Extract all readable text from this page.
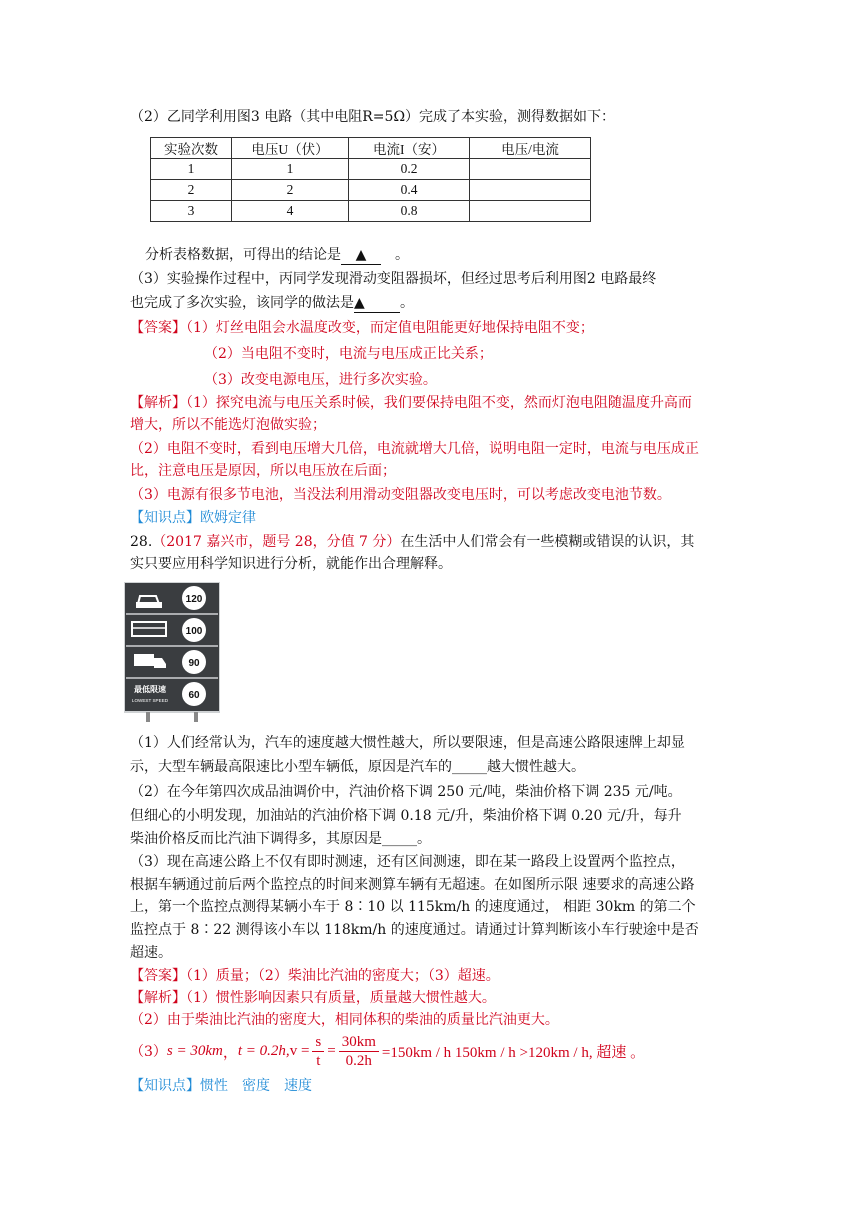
（2）乙同学利用图3 电路（其中电阻R=5Ω）完成了本实验，测得数据如下：
实验次数	电压U（伏）	电流I（安）	电压/电流
1	1	0.2	
2	2	0.4	
3	4	0.8	
分析表格数据，可得出的结论是 ▲　 。
（3）实验操作过程中，丙同学发现滑动变阻器损坏，但经过思考后利用图2 电路最终
也完成了多次实验，该同学的做法是▲	。
【答案】（1）灯丝电阻会水温度改变，而定值电阻能更好地保持电阻不变；
（2）当电阻不变时，电流与电压成正比关系；
（3）改变电源电压，进行多次实验。
【解析】（1）探究电流与电压关系时候，我们要保持电阻不变，然而灯泡电阻随温度升高而
增大，所以不能选灯泡做实验；
（2）电阻不变时，看到电压增大几倍，电流就增大几倍，说明电阻一定时，电流与电压成正
比，注意电压是原因，所以电压放在后面；
（3）电源有很多节电池，当没法利用滑动变阻器改变电压时，可以考虑改变电池节数。
【知识点】欧姆定律
28.（2017 嘉兴市，题号 28，分值 7 分）在生活中人们常会有一些模糊或错误的认识，其
实只要应用科学知识进行分析，就能作出合理解释。
120
100
90
60
最低限速
LOWEST SPEED
（1）人们经常认为，汽车的速度越大惯性越大，所以要限速，但是高速公路限速牌上却显
示，大型车辆最高限速比小型车辆低，原因是汽车的_____越大惯性越大。
（2）在今年第四次成品油调价中，汽油价格下调 250 元/吨，柴油价格下调 235 元/吨。
但细心的小明发现，加油站的汽油价格下调 0.18 元/升，柴油价格下调 0.20 元/升，每升
柴油价格反而比汽油下调得多，其原因是_____。
（3）现在高速公路上不仅有即时测速，还有区间测速，即在某一路段上设置两个监控点，
根据车辆通过前后两个监控点的时间来测算车辆有无超速。在如图所示限 速要求的高速公路
上，第一个监控点测得某辆小车于 8∶10 以 115km/h 的速度通过， 相距 30km 的第二个
监控点于 8∶22 测得该小车以 118km/h 的速度通过。请通过计算判断该小车行驶途中是否
超速。
【答案】（1）质量；（2）柴油比汽油的密度大；（3）超速。
【解析】（1）惯性影响因素只有质量，质量越大惯性越大。
（2）由于柴油比汽油的密度大，相同体积的柴油的质量比汽油更大。
（3） s = 30km ， t = 0.2h, $v = \frac{s}{t} = \frac{30km}{0.2h} =150km / h$ 150km / h >120km / h, 超速 。
【知识点】惯性　密度　速度
